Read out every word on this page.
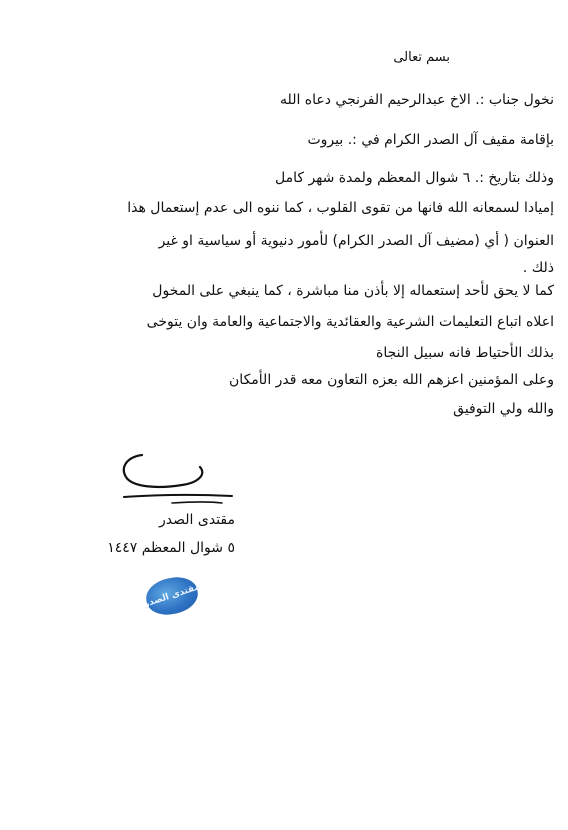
بسم تعالى
نخول جناب :. الاخ عبدالرحيم الفرنجي دعاه الله
بإقامة مقيف آل الصدر الكرام في :. بيروت
وذلك بتاريخ :. ٦ شوال المعظم ولمدة شهر كامل
إميادا لسمعانه الله فانها من تقوى القلوب ، كما ننوه الى عدم إستعمال هذا
العنوان ( أي (مضيف آل الصدر الكرام) لأمور دنيوية أو سياسية او غير
ذلك .
كما لا يحق لأحد إستعماله إلا بأذن منا مباشرة ، كما ينبغي على المخول
اعلاه اتباع التعليمات الشرعية والعقائدية والاجتماعية والعامة وان يتوخى
بذلك الأحتياط فانه سبيل النجاة
وعلى المؤمنين اعزهم الله بعزه التعاون معه قدر الأمكان
والله ولي التوفيق
مقتدى الصدر
٥ شوال المعظم ١٤٤٧
مقتدى الصدر
